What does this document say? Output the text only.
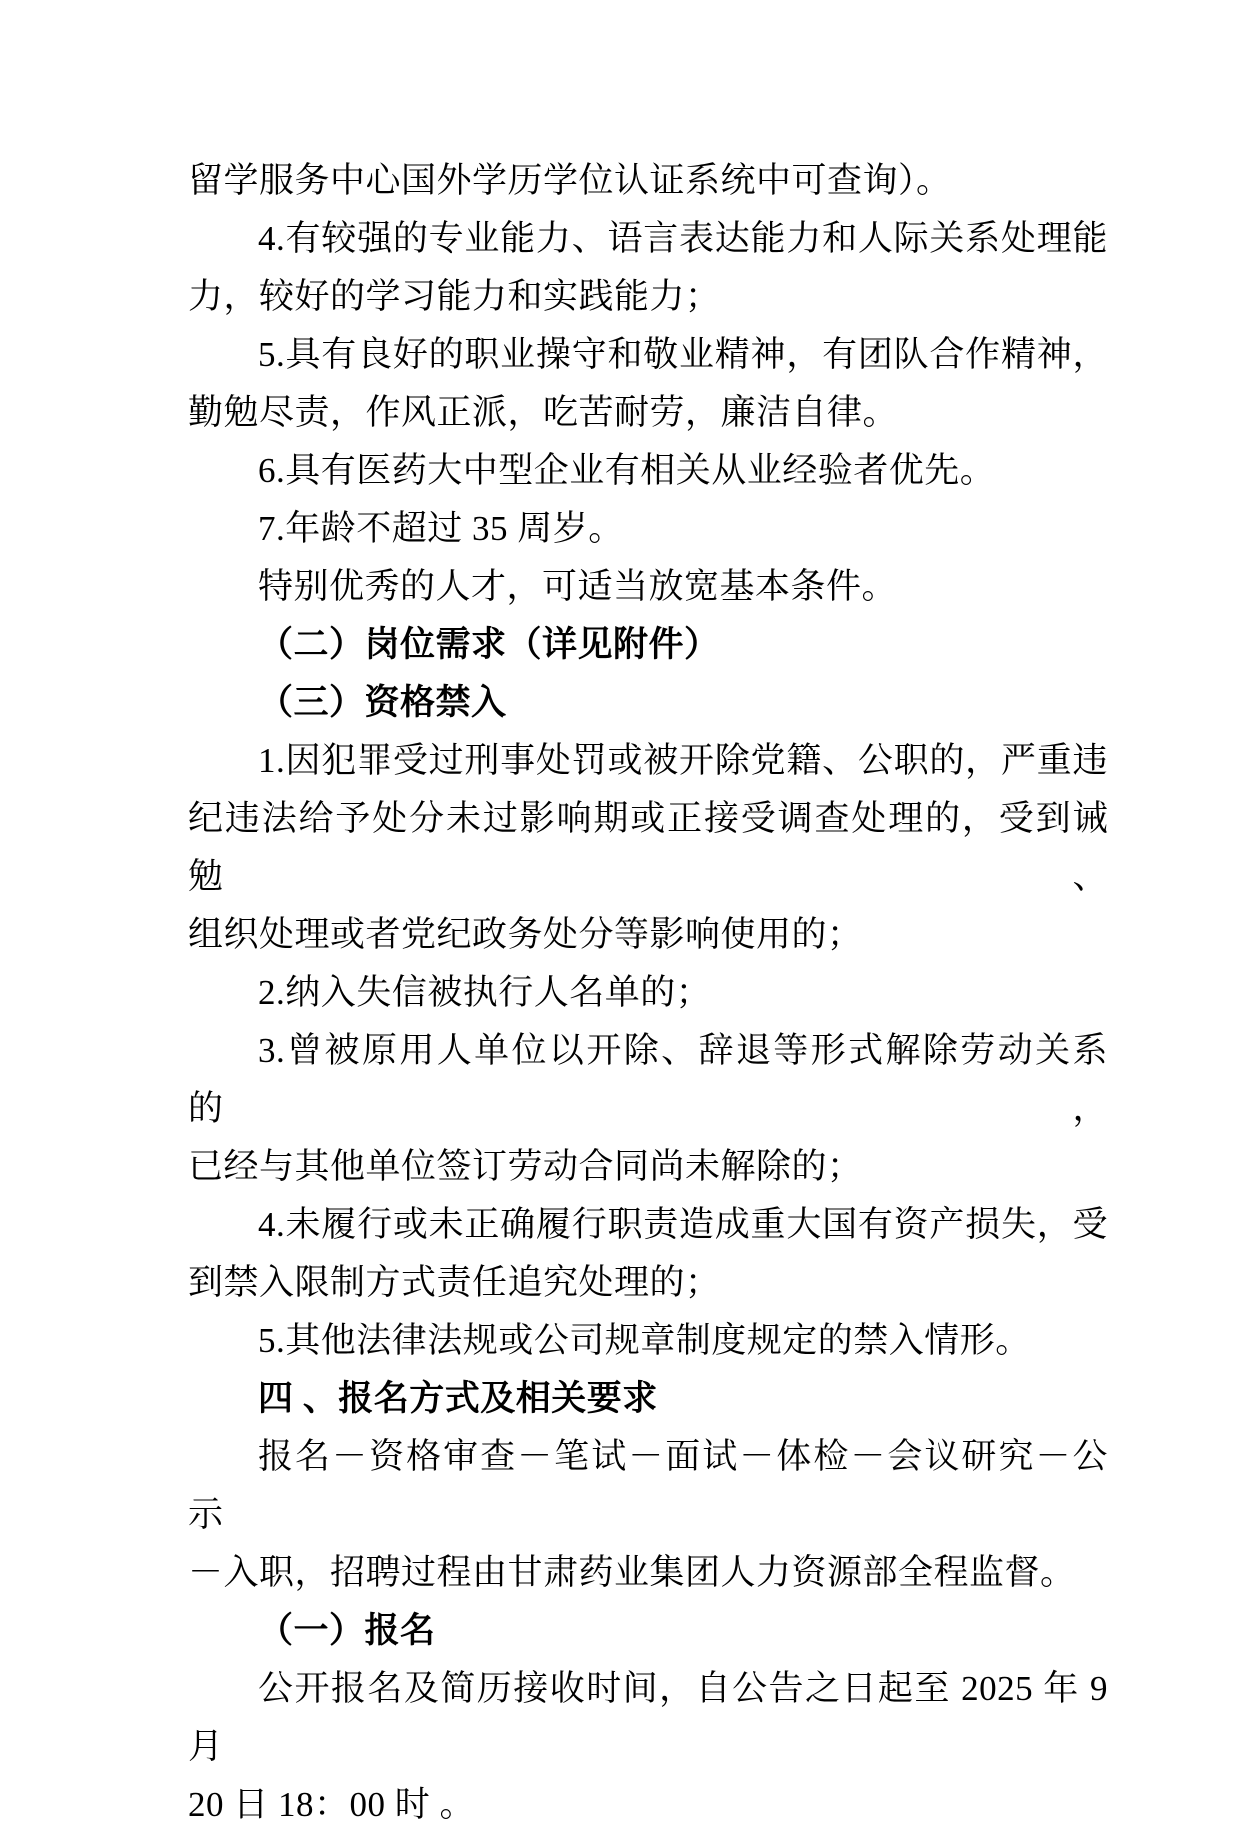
留学服务中心国外学历学位认证系统中可查询）。
4.有较强的专业能力、语言表达能力和人际关系处理能
力，较好的学习能力和实践能力；
5.具有良好的职业操守和敬业精神，有团队合作精神，
勤勉尽责，作风正派，吃苦耐劳，廉洁自律。
6.具有医药大中型企业有相关从业经验者优先。
7.年龄不超过 35 周岁。
特别优秀的人才，可适当放宽基本条件。
（二）岗位需求（详见附件）
（三）资格禁入
1.因犯罪受过刑事处罚或被开除党籍、公职的，严重违
纪违法给予处分未过影响期或正接受调查处理的，受到诫勉、
组织处理或者党纪政务处分等影响使用的；
2.纳入失信被执行人名单的；
3.曾被原用人单位以开除、辞退等形式解除劳动关系的，
已经与其他单位签订劳动合同尚未解除的；
4.未履行或未正确履行职责造成重大国有资产损失，受
到禁入限制方式责任追究处理的；
5.其他法律法规或公司规章制度规定的禁入情形。
四 、报名方式及相关要求
报名－资格审查－笔试－面试－体检－会议研究－公示
－入职，招聘过程由甘肃药业集团人力资源部全程监督。
（一）报名
公开报名及简历接收时间，自公告之日起至 2025 年 9 月
20 日 18：00 时 。
